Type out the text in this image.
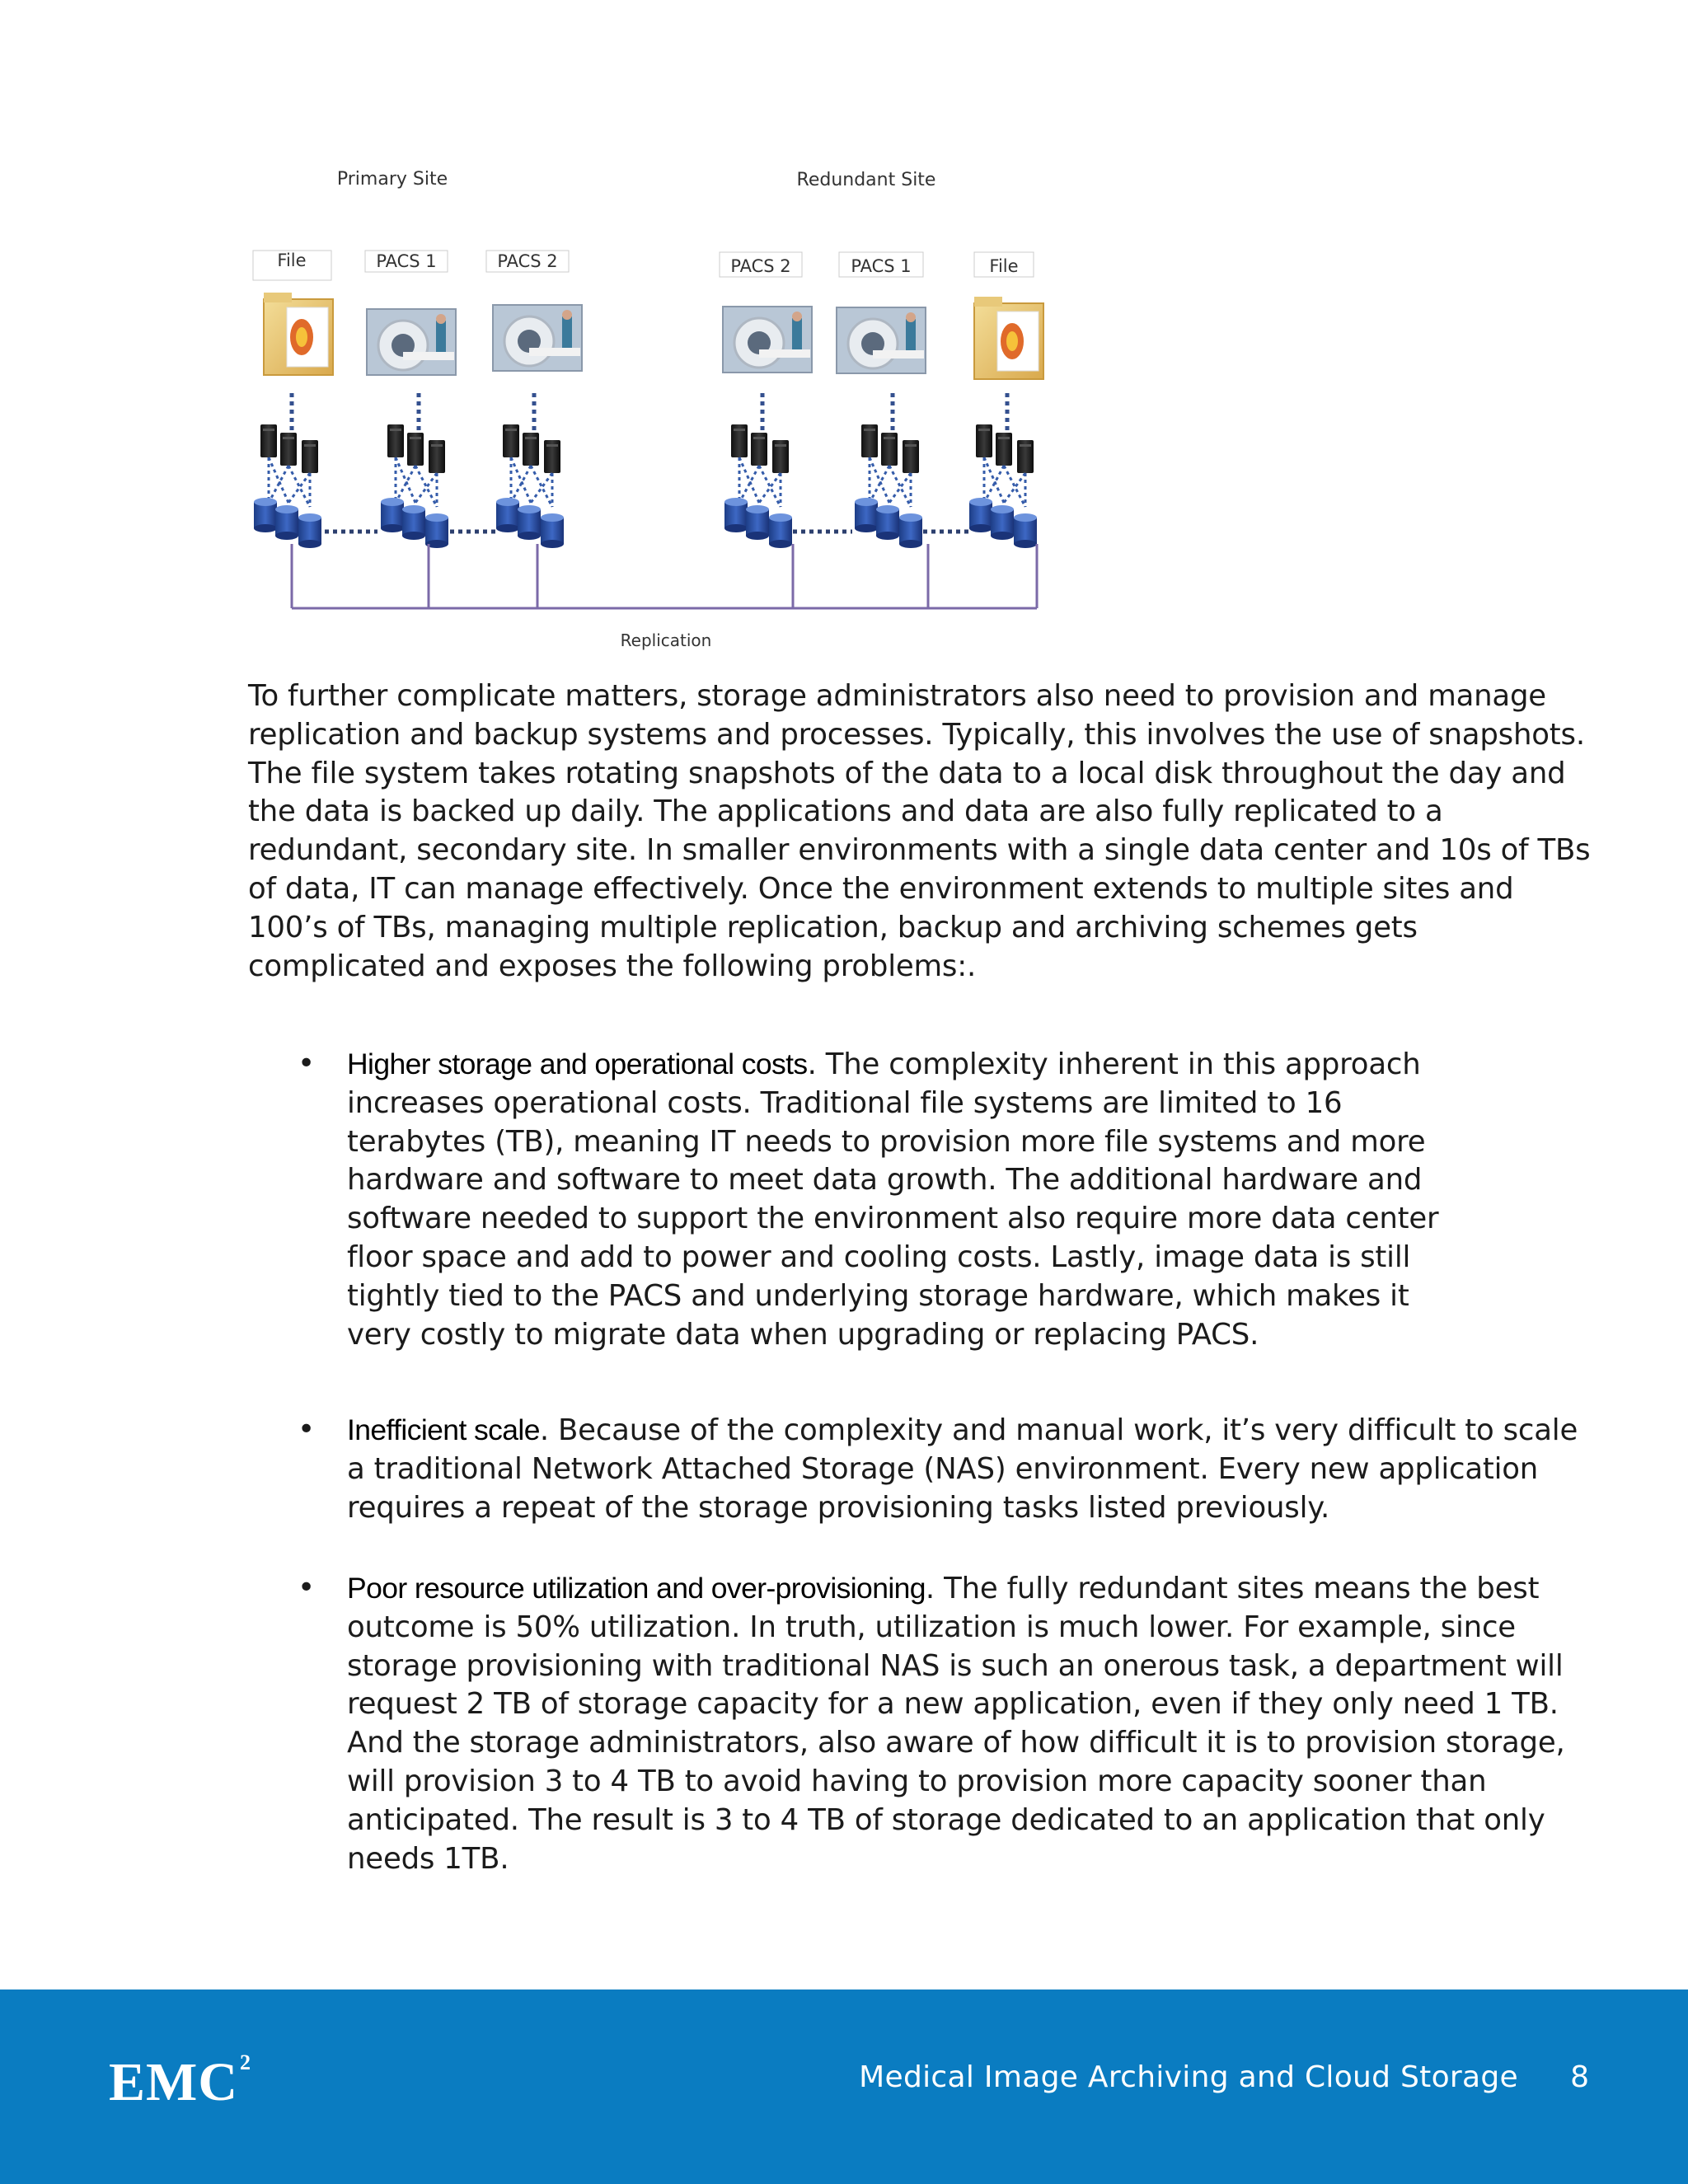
Primary Site	Redundant Site
File	PACS 1	PACS 2	PACS 2	PACS 1	File
Replication

To further complicate matters, storage administrators also need to provision and manage replication and backup systems and processes. Typically, this involves the use of snapshots. The file system takes rotating snapshots of the data to a local disk throughout the day and the data is backed up daily. The applications and data are also fully replicated to a redundant, secondary site. In smaller environments with a single data center and 10s of TBs of data, IT can manage effectively. Once the environment extends to multiple sites and 100’s of TBs, managing multiple replication, backup and archiving schemes gets complicated and exposes the following problems:.

• Higher storage and operational costs. The complexity inherent in this approach increases operational costs. Traditional file systems are limited to 16 terabytes (TB), meaning IT needs to provision more file systems and more hardware and software to meet data growth. The additional hardware and software needed to support the environment also require more data center floor space and add to power and cooling costs. Lastly, image data is still tightly tied to the PACS and underlying storage hardware, which makes it very costly to migrate data when upgrading or replacing PACS.
• Inefficient scale. Because of the complexity and manual work, it’s very difficult to scale a traditional Network Attached Storage (NAS) environment. Every new application requires a repeat of the storage provisioning tasks listed previously.
• Poor resource utilization and over-provisioning. The fully redundant sites means the best outcome is 50% utilization. In truth, utilization is much lower. For example, since storage provisioning with traditional NAS is such an onerous task, a department will request 2 TB of storage capacity for a new application, even if they only need 1 TB. And the storage administrators, also aware of how difficult it is to provision storage, will provision 3 to 4 TB to avoid having to provision more capacity sooner than anticipated. The result is 3 to 4 TB of storage dedicated to an application that only needs 1TB.
EMC$^2$	Medical Image Archiving and Cloud Storage 8
